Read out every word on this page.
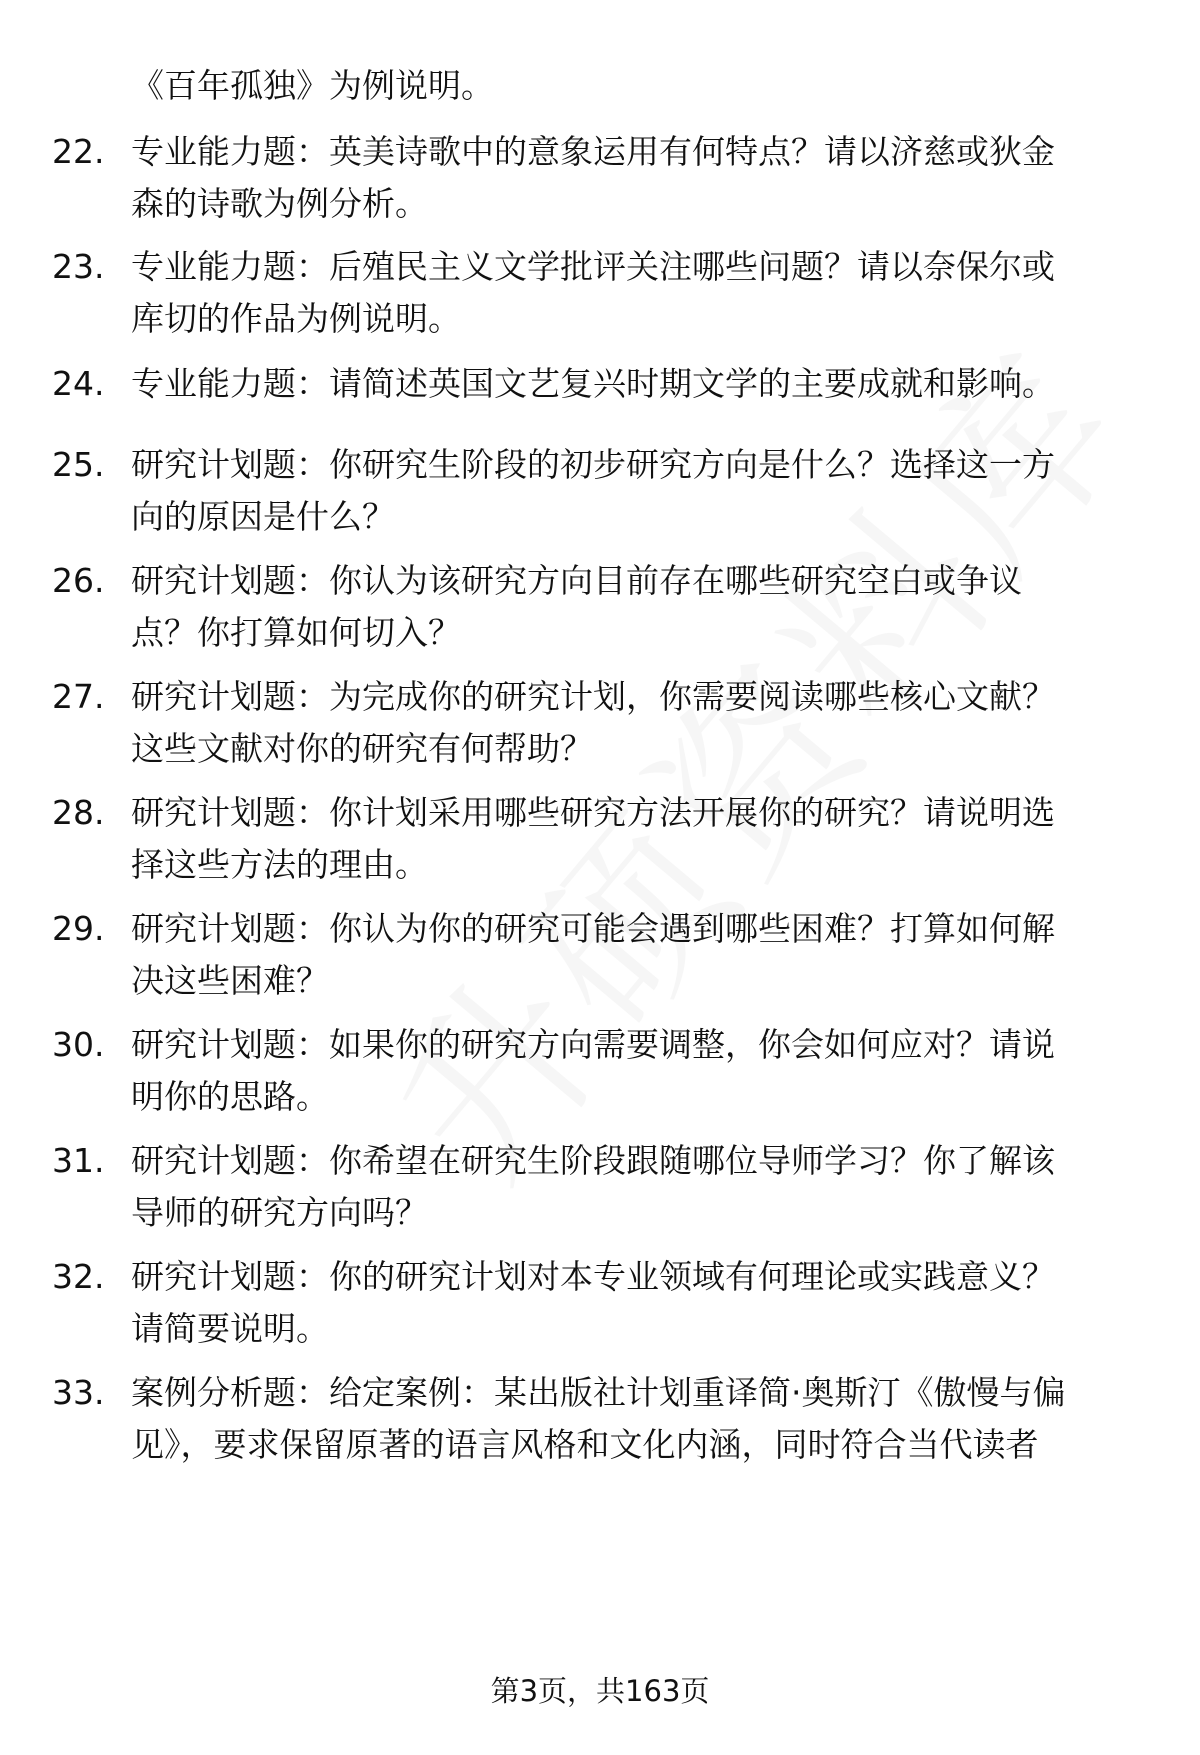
《百年孤独》为例说明。
22. 专业能力题：英美诗歌中的意象运用有何特点？请以济慈或狄金
森的诗歌为例分析。
23. 专业能力题：后殖民主义文学批评关注哪些问题？请以奈保尔或
库切的作品为例说明。
24. 专业能力题：请简述英国文艺复兴时期文学的主要成就和影响。
25. 研究计划题：你研究生阶段的初步研究方向是什么？选择这一方
向的原因是什么？
26. 研究计划题：你认为该研究方向目前存在哪些研究空白或争议
点？你打算如何切入？
27. 研究计划题：为完成你的研究计划，你需要阅读哪些核心文献？
这些文献对你的研究有何帮助？
28. 研究计划题：你计划采用哪些研究方法开展你的研究？请说明选
择这些方法的理由。
29. 研究计划题：你认为你的研究可能会遇到哪些困难？打算如何解
决这些困难？
30. 研究计划题：如果你的研究方向需要调整，你会如何应对？请说
明你的思路。
31. 研究计划题：你希望在研究生阶段跟随哪位导师学习？你了解该
导师的研究方向吗？
32. 研究计划题：你的研究计划对本专业领域有何理论或实践意义？
请简要说明。
33. 案例分析题：给定案例：某出版社计划重译简·奥斯汀《傲慢与偏
见》，要求保留原著的语言风格和文化内涵，同时符合当代读者
第3页，共163页
